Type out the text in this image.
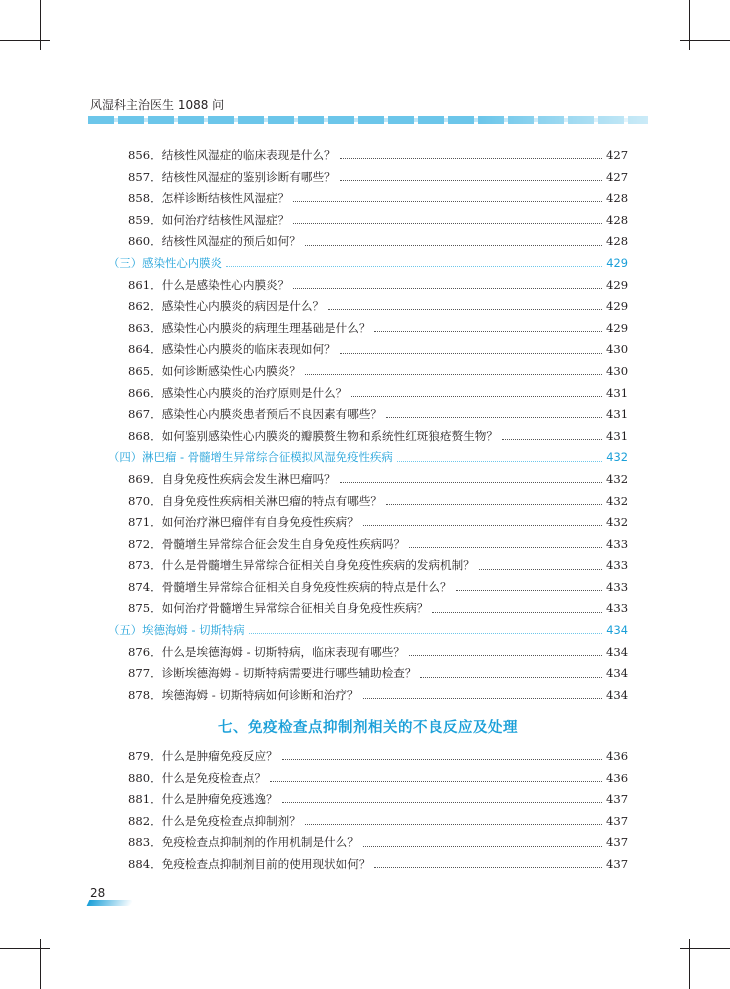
风湿科主治医生 1088 问
856．结核性风湿症的临床表现是什么？	427
857．结核性风湿症的鉴别诊断有哪些？	427
858．怎样诊断结核性风湿症？	428
859．如何治疗结核性风湿症？	428
860．结核性风湿症的预后如何？	428
（三）感染性心内膜炎	429
861．什么是感染性心内膜炎？	429
862．感染性心内膜炎的病因是什么？	429
863．感染性心内膜炎的病理生理基础是什么？	429
864．感染性心内膜炎的临床表现如何？	430
865．如何诊断感染性心内膜炎？	430
866．感染性心内膜炎的治疗原则是什么？	431
867．感染性心内膜炎患者预后不良因素有哪些？	431
868．如何鉴别感染性心内膜炎的瓣膜赘生物和系统性红斑狼疮赘生物？	431
（四）淋巴瘤 - 骨髓增生异常综合征模拟风湿免疫性疾病	432
869．自身免疫性疾病会发生淋巴瘤吗？	432
870．自身免疫性疾病相关淋巴瘤的特点有哪些？	432
871．如何治疗淋巴瘤伴有自身免疫性疾病？	432
872．骨髓增生异常综合征会发生自身免疫性疾病吗？	433
873．什么是骨髓增生异常综合征相关自身免疫性疾病的发病机制？	433
874．骨髓增生异常综合征相关自身免疫性疾病的特点是什么？	433
875．如何治疗骨髓增生异常综合征相关自身免疫性疾病？	433
（五）埃德海姆 - 切斯特病	434
876．什么是埃德海姆 - 切斯特病，临床表现有哪些？	434
877．诊断埃德海姆 - 切斯特病需要进行哪些辅助检查？	434
878．埃德海姆 - 切斯特病如何诊断和治疗？	434
七、免疫检查点抑制剂相关的不良反应及处理
879．什么是肿瘤免疫反应？	436
880．什么是免疫检查点？	436
881．什么是肿瘤免疫逃逸？	437
882．什么是免疫检查点抑制剂？	437
883．免疫检查点抑制剂的作用机制是什么？	437
884．免疫检查点抑制剂目前的使用现状如何？	437
28
